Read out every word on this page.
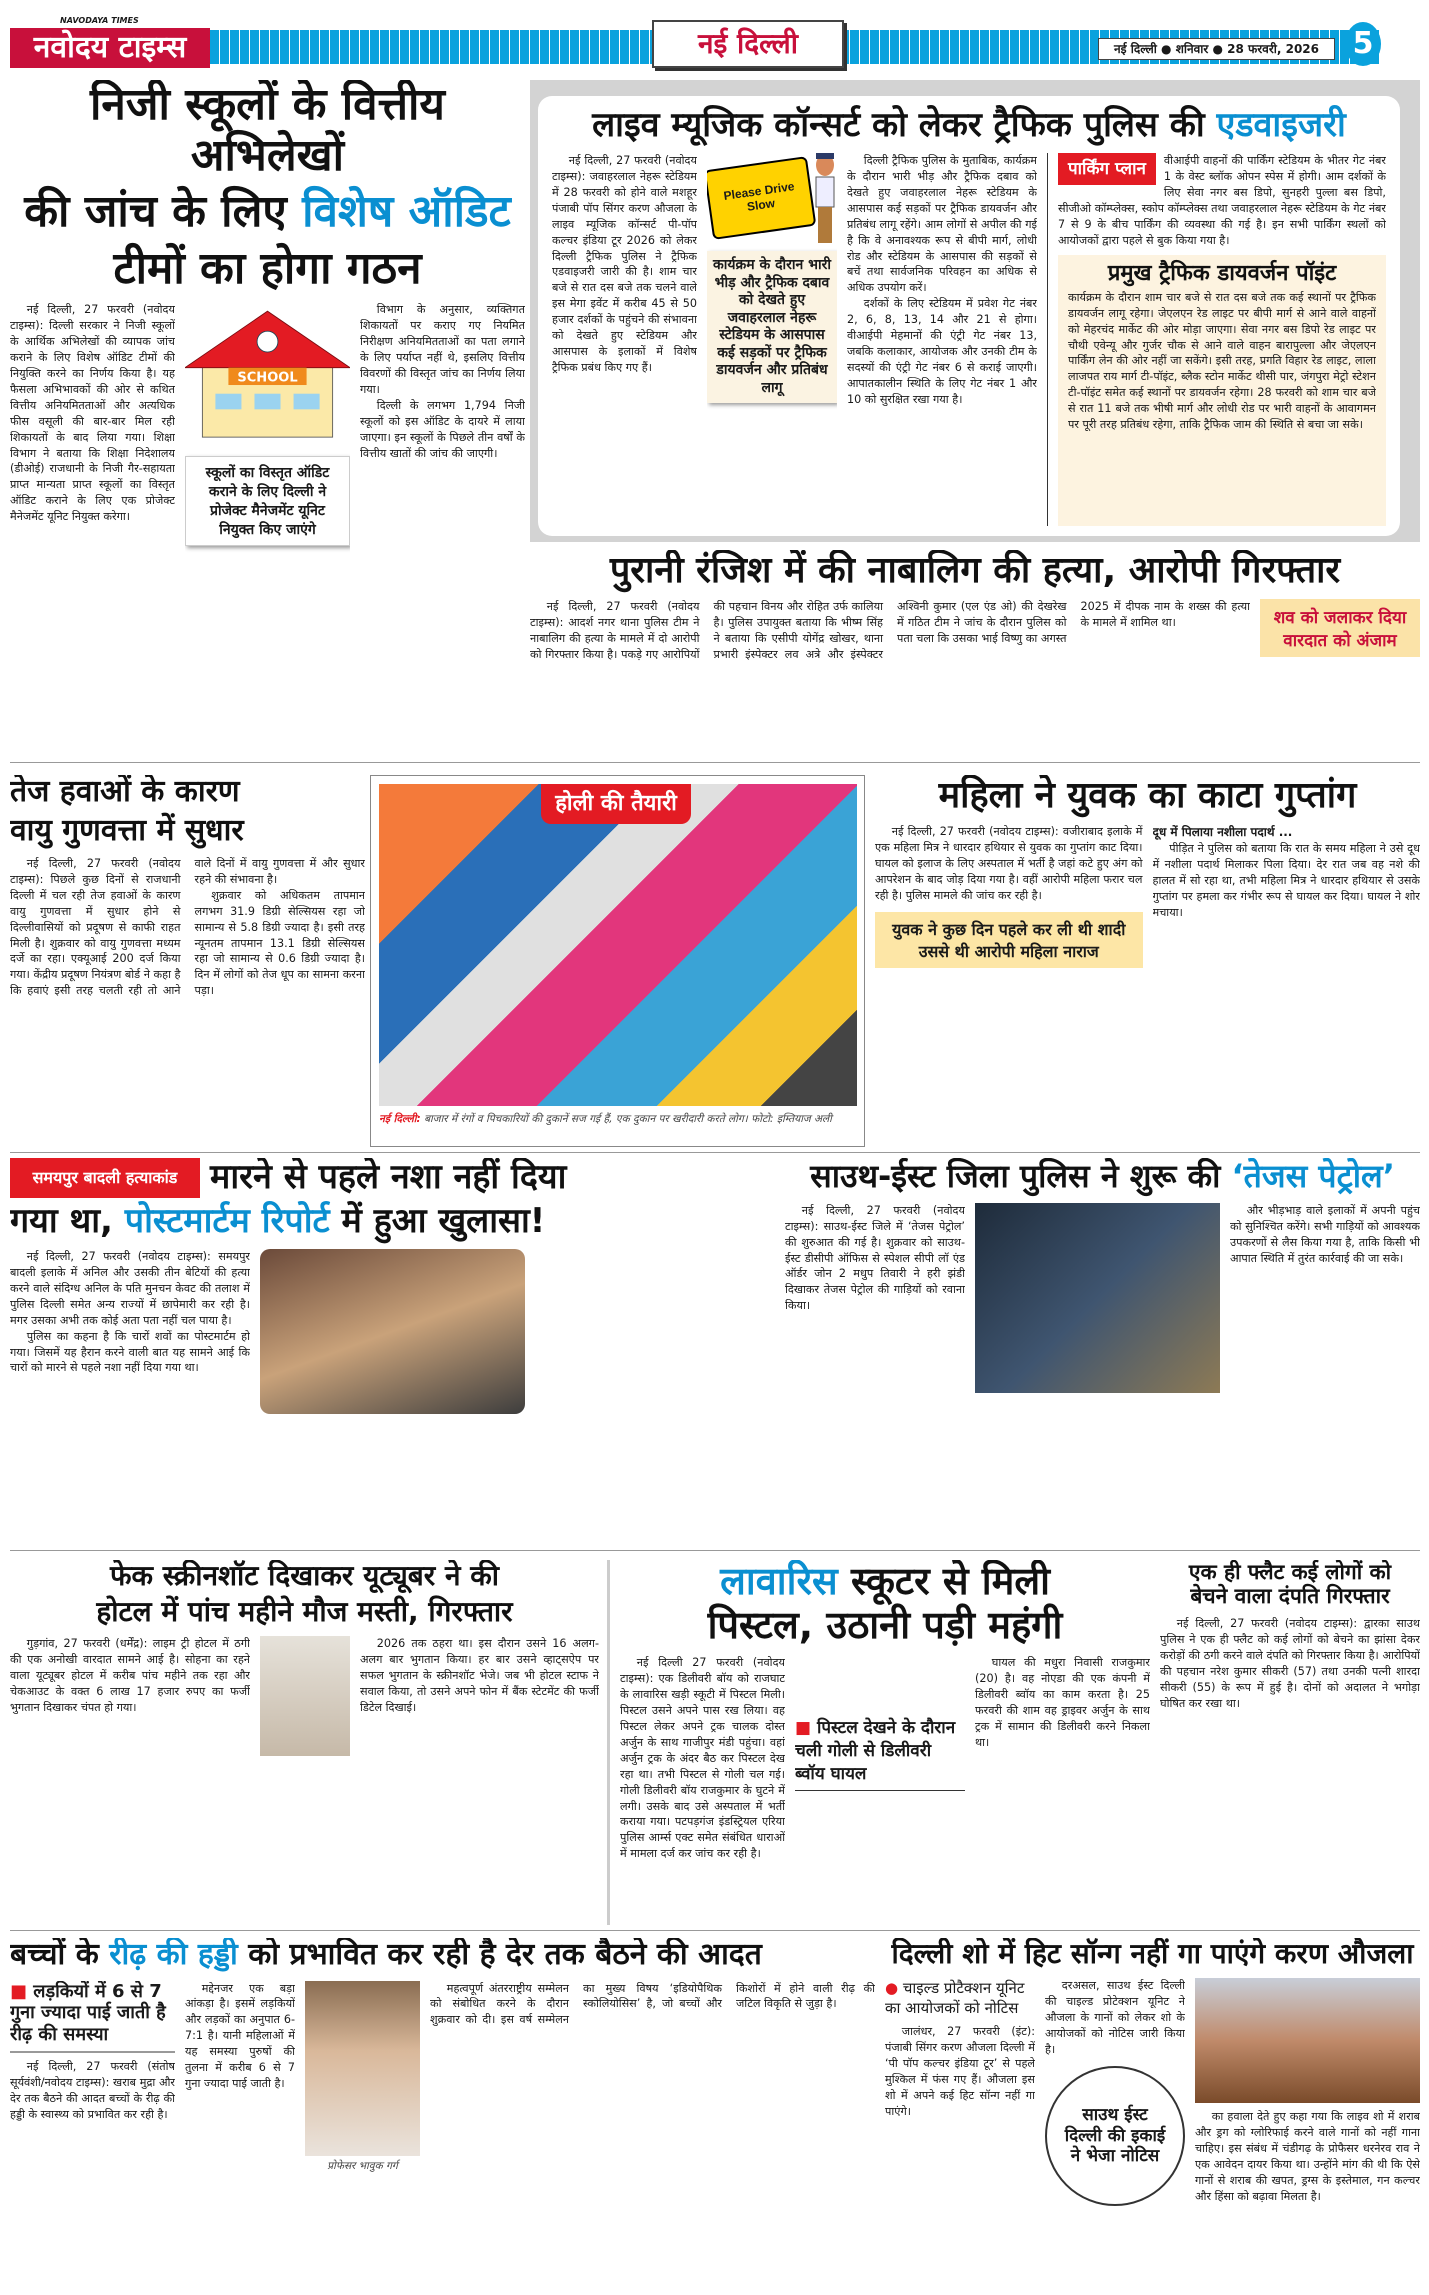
NAVODAYA TIMES
नवोदय टाइम्स	नई दिल्ली	नई दिल्ली ● शनिवार ● 28 फरवरी, 2026	5
निजी स्कूलों के वित्तीय अभिलेखों
की जांच के लिए विशेष ऑडिट
टीमों का होगा गठन

नई दिल्ली, 27 फरवरी (नवोदय टाइम्स): दिल्ली सरकार ने निजी स्कूलों के आर्थिक अभिलेखों की व्यापक जांच कराने के लिए विशेष ऑडिट टीमों की नियुक्ति करने का निर्णय किया है। यह फैसला अभिभावकों की ओर से कथित वित्तीय अनियमितताओं और अत्यधिक फीस वसूली की बार-बार मिल रही शिकायतों के बाद लिया गया। शिक्षा विभाग ने बताया कि शिक्षा निदेशालय (डीओई) राजधानी के निजी गैर-सहायता प्राप्त मान्यता प्राप्त स्कूलों का विस्तृत ऑडिट कराने के लिए एक प्रोजेक्ट मैनेजमेंट यूनिट नियुक्त करेगा।

SCHOOL
स्कूलों का विस्तृत ऑडिट कराने के लिए दिल्ली ने प्रोजेक्ट मैनेजमेंट यूनिट नियुक्त किए जाएंगे

विभाग के अनुसार, व्यक्तिगत शिकायतों पर कराए गए नियमित निरीक्षण अनियमितताओं का पता लगाने के लिए पर्याप्त नहीं थे, इसलिए वित्तीय विवरणों की विस्तृत जांच का निर्णय लिया गया।

दिल्ली के लगभग 1,794 निजी स्कूलों को इस ऑडिट के दायरे में लाया जाएगा। इन स्कूलों के पिछले तीन वर्षों के वित्तीय खातों की जांच की जाएगी।

लाइव म्यूजिक कॉन्सर्ट को लेकर ट्रैफिक पुलिस की एडवाइजरी

नई दिल्ली, 27 फरवरी (नवोदय टाइम्स): जवाहरलाल नेहरू स्टेडियम में 28 फरवरी को होने वाले मशहूर पंजाबी पॉप सिंगर करण औजला के लाइव म्यूजिक कॉन्सर्ट पी-पॉप कल्चर इंडिया टूर 2026 को लेकर दिल्ली ट्रैफिक पुलिस ने ट्रैफिक एडवाइजरी जारी की है। शाम चार बजे से रात दस बजे तक चलने वाले इस मेगा इवेंट में करीब 45 से 50 हजार दर्शकों के पहुंचने की संभावना को देखते हुए स्टेडियम और आसपास के इलाकों में विशेष ट्रैफिक प्रबंध किए गए हैं।

Please Drive Slow
कार्यक्रम के दौरान भारी भीड़ और ट्रैफिक दबाव को देखते हुए जवाहरलाल नेहरू स्टेडियम के आसपास कई सड़कों पर ट्रैफिक डायवर्जन और प्रतिबंध लागू

दिल्ली ट्रैफिक पुलिस के मुताबिक, कार्यक्रम के दौरान भारी भीड़ और ट्रैफिक दबाव को देखते हुए जवाहरलाल नेहरू स्टेडियम के आसपास कई सड़कों पर ट्रैफिक डायवर्जन और प्रतिबंध लागू रहेंगे। आम लोगों से अपील की गई है कि वे अनावश्यक रूप से बीपी मार्ग, लोधी रोड और स्टेडियम के आसपास की सड़कों से बचें तथा सार्वजनिक परिवहन का अधिक से अधिक उपयोग करें।

दर्शकों के लिए स्टेडियम में प्रवेश गेट नंबर 2, 6, 8, 13, 14 और 21 से होगा। वीआईपी मेहमानों की एंट्री गेट नंबर 13, जबकि कलाकार, आयोजक और उनकी टीम के सदस्यों की एंट्री गेट नंबर 6 से कराई जाएगी। आपातकालीन स्थिति के लिए गेट नंबर 1 और 10 को सुरक्षित रखा गया है।

पार्किंग प्लान	वीआईपी वाहनों की पार्किंग स्टेडियम के भीतर गेट नंबर 1 के वेस्ट ब्लॉक ओपन स्पेस में होगी। आम दर्शकों के लिए सेवा नगर बस डिपो, सुनहरी पुल्ला बस डिपो, सीजीओ कॉम्प्लेक्स, स्कोप कॉम्प्लेक्स तथा जवाहरलाल नेहरू स्टेडियम के गेट नंबर 7 से 9 के बीच पार्किंग की व्यवस्था की गई है। इन सभी पार्किंग स्थलों को आयोजकों द्वारा पहले से बुक किया गया है।
प्रमुख ट्रैफिक डायवर्जन पॉइंट
कार्यक्रम के दौरान शाम चार बजे से रात दस बजे तक कई स्थानों पर ट्रैफिक डायवर्जन लागू रहेगा। जेएलएन रेड लाइट पर बीपी मार्ग से आने वाले वाहनों को मेहरचंद मार्केट की ओर मोड़ा जाएगा। सेवा नगर बस डिपो रेड लाइट पर चौथी एवेन्यू और गुर्जर चौक से आने वाले वाहन बारापुल्ला और जेएलएन पार्किंग लेन की ओर नहीं जा सकेंगे। इसी तरह, प्रगति विहार रेड लाइट, लाला लाजपत राय मार्ग टी-पॉइंट, ब्लैक स्टोन मार्केट थीसी पार, जंगपुरा मेट्रो स्टेशन टी-पॉइंट समेत कई स्थानों पर डायवर्जन रहेगा। 28 फरवरी को शाम चार बजे से रात 11 बजे तक भीषी मार्ग और लोधी रोड पर भारी वाहनों के आवागमन पर पूरी तरह प्रतिबंध रहेगा, ताकि ट्रैफिक जाम की स्थिति से बचा जा सके।
पुरानी रंजिश में की नाबालिग की हत्या, आरोपी गिरफ्तार

नई दिल्ली, 27 फरवरी (नवोदय टाइम्स): आदर्श नगर थाना पुलिस टीम ने नाबालिग की हत्या के मामले में दो आरोपी को गिरफ्तार किया है। पकड़े गए आरोपियों की पहचान विनय और रोहित उर्फ कालिया है। पुलिस उपायुक्त बताया कि भीष्म सिंह ने बताया कि एसीपी योगेंद्र खोखर, थाना प्रभारी इंस्पेक्टर लव अत्रे और इंस्पेक्टर अश्विनी कुमार (एल एंड ओ) की देखरेख में गठित टीम ने जांच के दौरान पुलिस को पता चला कि उसका भाई विष्णु का अगस्त 2025 में दीपक नाम के शख्स की हत्या के मामले में शामिल था।	शव को जलाकर दिया वारदात को अंजाम
तेज हवाओं के कारण
वायु गुणवत्ता में सुधार

नई दिल्ली, 27 फरवरी (नवोदय टाइम्स): पिछले कुछ दिनों से राजधानी दिल्ली में चल रही तेज हवाओं के कारण वायु गुणवत्ता में सुधार होने से दिल्लीवासियों को प्रदूषण से काफी राहत मिली है। शुक्रवार को वायु गुणवत्ता मध्यम दर्जे का रहा। एक्यूआई 200 दर्ज किया गया। केंद्रीय प्रदूषण नियंत्रण बोर्ड ने कहा है कि हवाएं इसी तरह चलती रही तो आने वाले दिनों में वायु गुणवत्ता में और सुधार रहने की संभावना है।

शुक्रवार को अधिकतम तापमान लगभग 31.9 डिग्री सेल्सियस रहा जो सामान्य से 5.8 डिग्री ज्यादा है। इसी तरह न्यूनतम तापमान 13.1 डिग्री सेल्सियस रहा जो सामान्य से 0.6 डिग्री ज्यादा है। दिन में लोगों को तेज धूप का सामना करना पड़ा।

होली की तैयारी
नई दिल्ली: बाजार में रंगों व पिचकारियों की दुकानें सज गई हैं, एक दुकान पर खरीदारी करते लोग। फोटो: इम्तियाज अली
महिला ने युवक का काटा गुप्तांग

नई दिल्ली, 27 फरवरी (नवोदय टाइम्स): वजीराबाद इलाके में एक महिला मित्र ने धारदार हथियार से युवक का गुप्तांग काट दिया। घायल को इलाज के लिए अस्पताल में भर्ती है जहां कटे हुए अंग को आपरेशन के बाद जोड़ दिया गया है। वहीं आरोपी महिला फरार चल रही है। पुलिस मामले की जांच कर रही है।

युवक ने कुछ दिन पहले कर ली थी शादी उससे थी आरोपी महिला नाराज
दूध में पिलाया नशीला पदार्थ ...

पीड़ित ने पुलिस को बताया कि रात के समय महिला ने उसे दूध में नशीला पदार्थ मिलाकर पिला दिया। देर रात जब वह नशे की हालत में सो रहा था, तभी महिला मित्र ने धारदार हथियार से उसके गुप्तांग पर हमला कर गंभीर रूप से घायल कर दिया। घायल ने शोर मचाया।

समयपुर बादली हत्याकांड मारने से पहले नशा नहीं दिया
गया था, पोस्टमार्टम रिपोर्ट में हुआ खुलासा!

नई दिल्ली, 27 फरवरी (नवोदय टाइम्स): समयपुर बादली इलाके में अनिल और उसकी तीन बेटियों की हत्या करने वाले संदिग्ध अनिल के पति मुनचन केवट की तलाश में पुलिस दिल्ली समेत अन्य राज्यों में छापेमारी कर रही है। मगर उसका अभी तक कोई अता पता नहीं चल पाया है।

पुलिस का कहना है कि चारों शवों का पोस्टमार्टम हो गया। जिसमें यह हैरान करने वाली बात यह सामने आई कि चारों को मारने से पहले नशा नहीं दिया गया था।

साउथ-ईस्ट जिला पुलिस ने शुरू की ‘तेजस पेट्रोल’

नई दिल्ली, 27 फरवरी (नवोदय टाइम्स): साउथ-ईस्ट जिले में ‘तेजस पेट्रोल’ की शुरुआत की गई है। शुक्रवार को साउथ-ईस्ट डीसीपी ऑफिस से स्पेशल सीपी लॉ एंड ऑर्डर जोन 2 मधुप तिवारी ने हरी झंडी दिखाकर तेजस पेट्रोल की गाड़ियों को रवाना किया।

और भीड़भाड़ वाले इलाकों में अपनी पहुंच को सुनिश्चित करेंगे। सभी गाड़ियों को आवश्यक उपकरणों से लैस किया गया है, ताकि किसी भी आपात स्थिति में तुरंत कार्रवाई की जा सके।

फेक स्क्रीनशॉट दिखाकर यूट्यूबर ने की
होटल में पांच महीने मौज मस्ती, गिरफ्तार

गुड़गांव, 27 फरवरी (धर्मेंद्र): लाइम ट्री होटल में ठगी की एक अनोखी वारदात सामने आई है। सोहना का रहने वाला यूट्यूबर होटल में करीब पांच महीने तक रहा और चेकआउट के वक्त 6 लाख 17 हजार रुपए का फर्जी भुगतान दिखाकर चंपत हो गया।

2026 तक ठहरा था। इस दौरान उसने 16 अलग-अलग बार भुगतान किया। हर बार उसने व्हाट्सऐप पर सफल भुगतान के स्क्रीनशॉट भेजे। जब भी होटल स्टाफ ने सवाल किया, तो उसने अपने फोन में बैंक स्टेटमेंट की फर्जी डिटेल दिखाई।

लावारिस स्कूटर से मिली
पिस्टल, उठानी पड़ी महंगी

नई दिल्ली 27 फरवरी (नवोदय टाइम्स): एक डिलीवरी बॉय को राजघाट के लावारिस खड़ी स्कूटी में पिस्टल मिली। पिस्टल उसने अपने पास रख लिया। वह पिस्टल लेकर अपने ट्रक चालक दोस्त अर्जुन के साथ गाजीपुर मंडी पहुंचा। वहां अर्जुन ट्रक के अंदर बैठ कर पिस्टल देख रहा था। तभी पिस्टल से गोली चल गई। गोली डिलीवरी बॉय राजकुमार के घुटने में लगी। उसके बाद उसे अस्पताल में भर्ती कराया गया। पटपड़गंज इंडस्ट्रियल एरिया पुलिस आर्म्स एक्ट समेत संबंधित धाराओं में मामला दर्ज कर जांच कर रही है।

■ पिस्टल देखने के दौरान चली गोली से डिलीवरी ब्वॉय घायल

घायल की मधुरा निवासी राजकुमार (20) है। वह नोएडा की एक कंपनी में डिलीवरी ब्वॉय का काम करता है। 25 फरवरी की शाम वह ड्राइवर अर्जुन के साथ ट्रक में सामान की डिलीवरी करने निकला था।

एक ही फ्लैट कई लोगों को
बेचने वाला दंपति गिरफ्तार

नई दिल्ली, 27 फरवरी (नवोदय टाइम्स): द्वारका साउथ पुलिस ने एक ही फ्लैट को कई लोगों को बेचने का झांसा देकर करोड़ों की ठगी करने वाले दंपति को गिरफ्तार किया है। आरोपियों की पहचान नरेश कुमार सीकरी (57) तथा उनकी पत्नी शारदा सीकरी (55) के रूप में हुई है। दोनों को अदालत ने भगोड़ा घोषित कर रखा था।

बच्चों के रीढ़ की हड्डी को प्रभावित कर रही है देर तक बैठने की आदत
■ लड़कियों में 6 से 7 गुना ज्यादा पाई जाती है रीढ़ की समस्या

नई दिल्ली, 27 फरवरी (संतोष सूर्यवंशी/नवोदय टाइम्स): खराब मुद्रा और देर तक बैठने की आदत बच्चों के रीढ़ की हड्डी के स्वास्थ्य को प्रभावित कर रही है।

मद्देनजर एक बड़ा आंकड़ा है। इसमें लड़कियों और लड़कों का अनुपात 6-7:1 है। यानी महिलाओं में यह समस्या पुरुषों की तुलना में करीब 6 से 7 गुना ज्यादा पाई जाती है।

प्रोफेसर भावुक गर्ग

महत्वपूर्ण अंतरराष्ट्रीय सम्मेलन को संबोधित करने के दौरान शुक्रवार को दी। इस वर्ष सम्मेलन का मुख्य विषय ‘इडियोपैथिक स्कोलियोसिस’ है, जो बच्चों और किशोरों में होने वाली रीढ़ की जटिल विकृति से जुड़ा है।

दिल्ली शो में हिट सॉन्ग नहीं गा पाएंगे करण औजला
● चाइल्ड प्रोटैक्शन यूनिट का आयोजकों को नोटिस

जालंधर, 27 फरवरी (इंट): पंजाबी सिंगर करण औजला दिल्ली में ‘पी पॉप कल्चर इंडिया टूर’ से पहले मुश्किल में फंस गए हैं। औजला इस शो में अपने कई हिट सॉन्ग नहीं गा पाएंगे।

दरअसल, साउथ ईस्ट दिल्ली की चाइल्ड प्रोटेक्शन यूनिट ने औजला के गानों को लेकर शो के आयोजकों को नोटिस जारी किया है।

साउथ ईस्ट दिल्ली की इकाई ने भेजा नोटिस

का हवाला देते हुए कहा गया कि लाइव शो में शराब और ड्रग को ग्लोरिफाई करने वाले गानों को नहीं गाना चाहिए। इस संबंध में चंडीगढ़ के प्रोफैसर धरनेरव राव ने एक आवेदन दायर किया था। उन्होंने मांग की थी कि ऐसे गानों से शराब की खपत, ड्रग्स के इस्तेमाल, गन कल्चर और हिंसा को बढ़ावा मिलता है।
